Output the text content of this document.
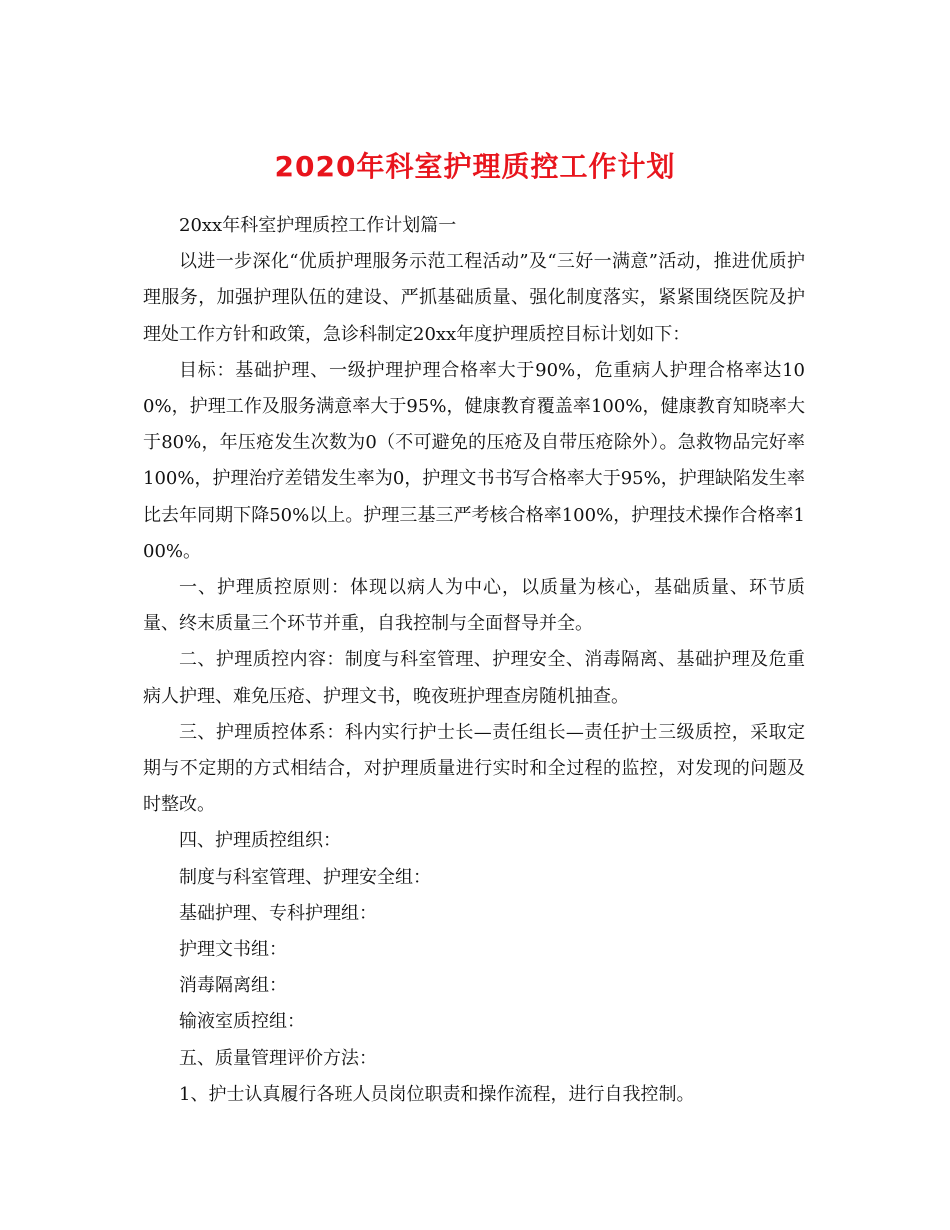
2020年科室护理质控工作计划

20xx年科室护理质控工作计划篇一

以进一步深化“优质护理服务示范工程活动”及“三好一满意”活动，推进优质护理服务，加强护理队伍的建设、严抓基础质量、强化制度落实，紧紧围绕医院及护理处工作方针和政策，急诊科制定20xx年度护理质控目标计划如下：

目标：基础护理、一级护理护理合格率大于90%，危重病人护理合格率达100%，护理工作及服务满意率大于95%，健康教育覆盖率100%，健康教育知晓率大于80%，年压疮发生次数为0（不可避免的压疮及自带压疮除外）。急救物品完好率100%，护理治疗差错发生率为0，护理文书书写合格率大于95%，护理缺陷发生率比去年同期下降50%以上。护理三基三严考核合格率100%，护理技术操作合格率100%。

一、护理质控原则：体现以病人为中心，以质量为核心，基础质量、环节质量、终末质量三个环节并重，自我控制与全面督导并全。

二、护理质控内容：制度与科室管理、护理安全、消毒隔离、基础护理及危重病人护理、难免压疮、护理文书，晚夜班护理查房随机抽查。

三、护理质控体系：科内实行护士长—责任组长—责任护士三级质控，采取定期与不定期的方式相结合，对护理质量进行实时和全过程的监控，对发现的问题及时整改。

四、护理质控组织：

制度与科室管理、护理安全组：

基础护理、专科护理组：

护理文书组：

消毒隔离组：

输液室质控组：

五、质量管理评价方法：

1、护士认真履行各班人员岗位职责和操作流程，进行自我控制。
